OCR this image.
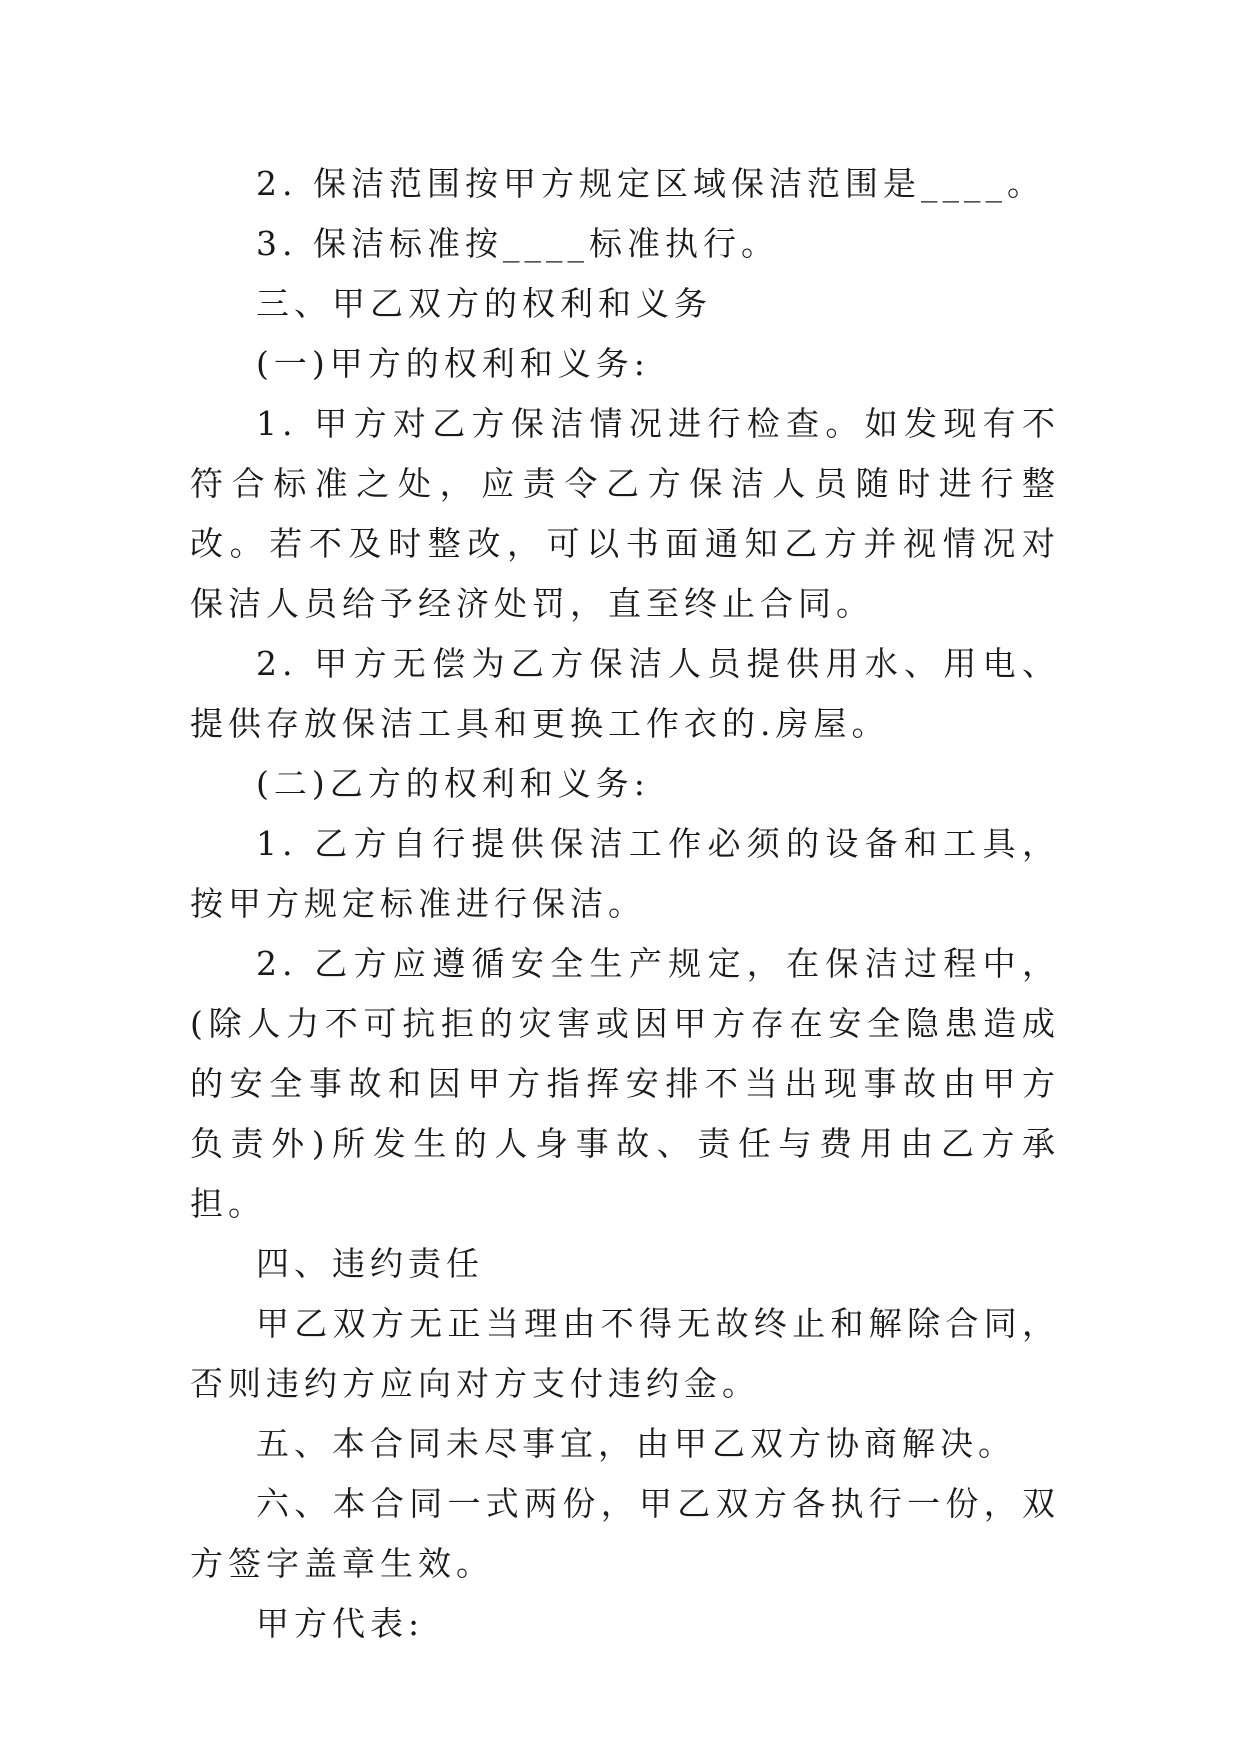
2. 保洁范围按甲方规定区域保洁范围是____。

3. 保洁标准按____标准执行。

三、甲乙双方的权利和义务

(一)甲方的权利和义务:

1. 甲方对乙方保洁情况进行检查。如发现有不符合标准之处，应责令乙方保洁人员随时进行整改。若不及时整改，可以书面通知乙方并视情况对保洁人员给予经济处罚，直至终止合同。

2. 甲方无偿为乙方保洁人员提供用水、用电、提供存放保洁工具和更换工作衣的.房屋。

(二)乙方的权利和义务:

1. 乙方自行提供保洁工作必须的设备和工具，按甲方规定标准进行保洁。

2. 乙方应遵循安全生产规定，在保洁过程中，(除人力不可抗拒的灾害或因甲方存在安全隐患造成的安全事故和因甲方指挥安排不当出现事故由甲方负责外)所发生的人身事故、责任与费用由乙方承担。

四、违约责任

甲乙双方无正当理由不得无故终止和解除合同，否则违约方应向对方支付违约金。

五、本合同未尽事宜，由甲乙双方协商解决。

六、本合同一式两份，甲乙双方各执行一份，双方签字盖章生效。

甲方代表:
